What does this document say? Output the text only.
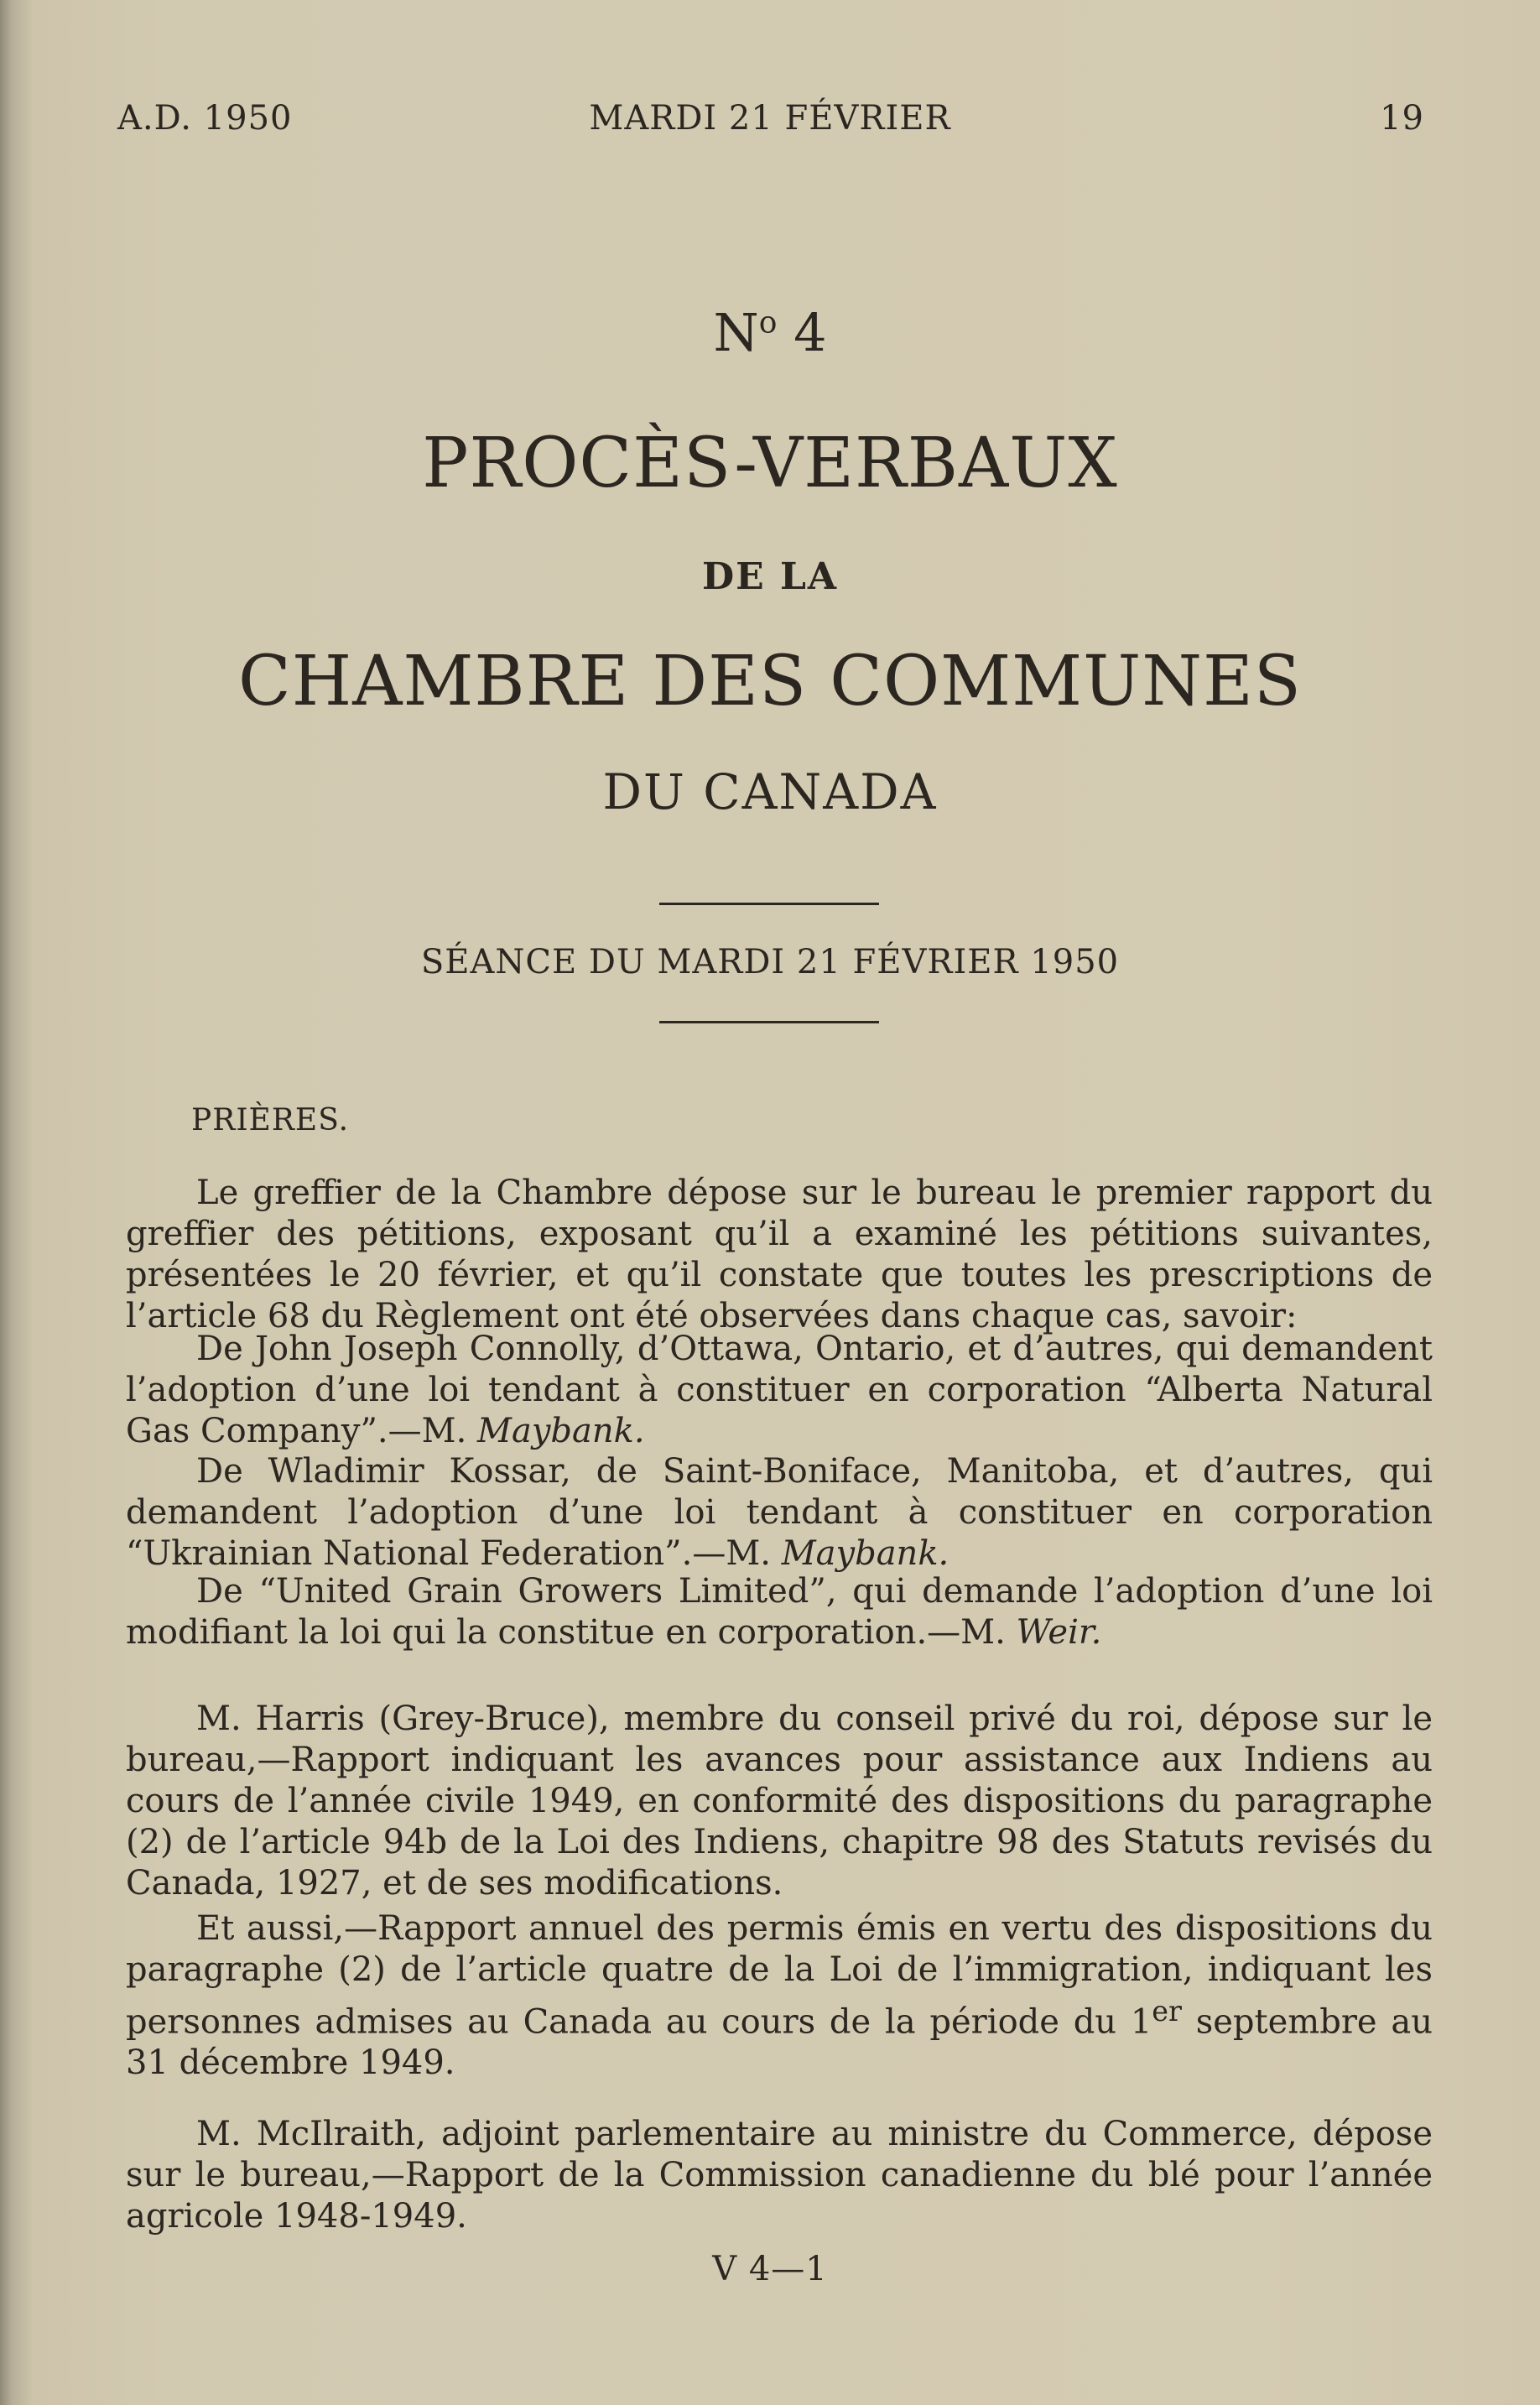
A.D. 1950	MARDI 21 FÉVRIER	19
$N^o$ 4
PROCÈS-VERBAUX
DE LA
CHAMBRE DES COMMUNES
DU CANADA
SÉANCE DU MARDI 21 FÉVRIER 1950
PRIÈRES.

Le greffier de la Chambre dépose sur le bureau le premier rapport du greffier des pétitions, exposant qu’il a examiné les pétitions suivantes, présentées le 20 février, et qu’il constate que toutes les prescriptions de l’article 68 du Règlement ont été observées dans chaque cas, savoir:

De John Joseph Connolly, d’Ottawa, Ontario, et d’autres, qui demandent l’adoption d’une loi tendant à constituer en corporation “Alberta Natural Gas Company”.—M. Maybank.

De Wladimir Kossar, de Saint-Boniface, Manitoba, et d’autres, qui demandent l’adoption d’une loi tendant à constituer en corporation “Ukrainian National Federation”.—M. Maybank.

De “United Grain Growers Limited”, qui demande l’adoption d’une loi modifiant la loi qui la constitue en corporation.—M. Weir.

M. Harris (Grey-Bruce), membre du conseil privé du roi, dépose sur le bureau,—Rapport indiquant les avances pour assistance aux Indiens au cours de l’année civile 1949, en conformité des dispositions du paragraphe (2) de l’article 94b de la Loi des Indiens, chapitre 98 des Statuts revisés du Canada, 1927, et de ses modifications.

Et aussi,—Rapport annuel des permis émis en vertu des dispositions du paragraphe (2) de l’article quatre de la Loi de l’immigration, indiquant les personnes admises au Canada au cours de la période du 1er septembre au 31 décembre 1949.

M. McIlraith, adjoint parlementaire au ministre du Commerce, dépose sur le bureau,—Rapport de la Commission canadienne du blé pour l’année agricole 1948-1949.

V 4—1
